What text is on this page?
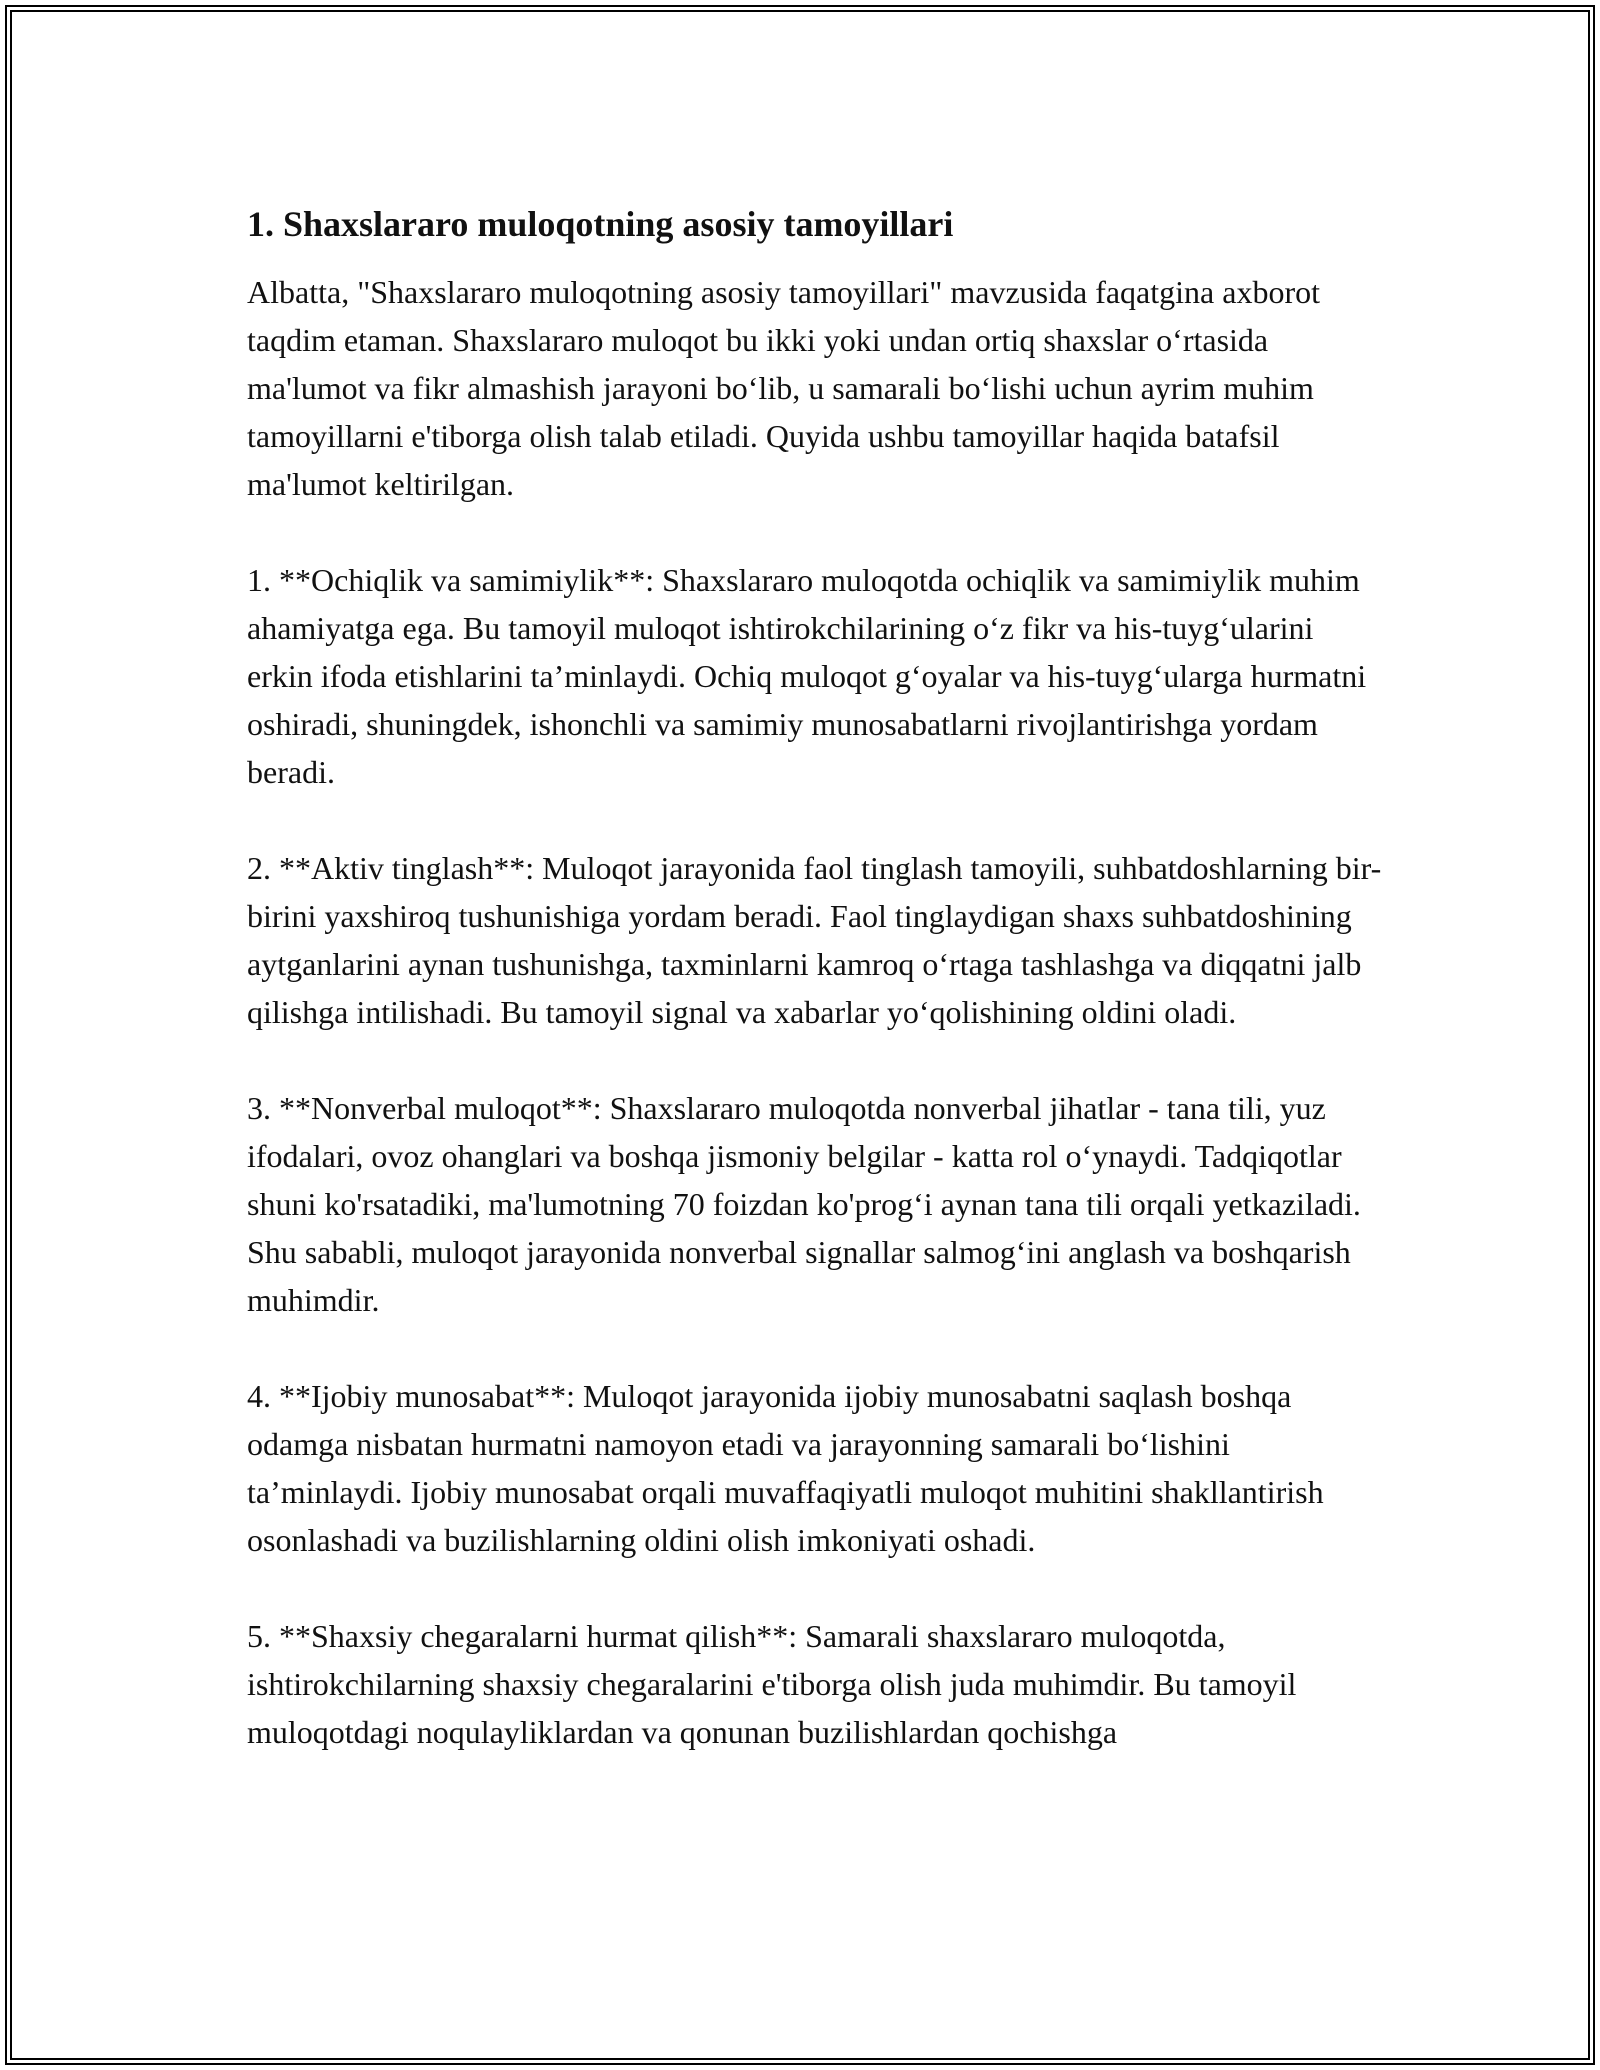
1. Shaxslararo muloqotning asosiy tamoyillari

Albatta, "Shaxslararo muloqotning asosiy tamoyillari" mavzusida faqatgina axborot taqdim etaman. Shaxslararo muloqot bu ikki yoki undan ortiq shaxslar o‘rtasida ma'lumot va fikr almashish jarayoni bo‘lib, u samarali bo‘lishi uchun ayrim muhim tamoyillarni e'tiborga olish talab etiladi. Quyida ushbu tamoyillar haqida batafsil ma'lumot keltirilgan.

1. **Ochiqlik va samimiylik**: Shaxslararo muloqotda ochiqlik va samimiylik muhim ahamiyatga ega. Bu tamoyil muloqot ishtirokchilarining o‘z fikr va his-tuyg‘ularini erkin ifoda etishlarini ta’minlaydi. Ochiq muloqot g‘oyalar va his-tuyg‘ularga hurmatni oshiradi, shuningdek, ishonchli va samimiy munosabatlarni rivojlantirishga yordam beradi.

2. **Aktiv tinglash**: Muloqot jarayonida faol tinglash tamoyili, suhbatdoshlarning bir-birini yaxshiroq tushunishiga yordam beradi. Faol tinglaydigan shaxs suhbatdoshining aytganlarini aynan tushunishga, taxminlarni kamroq o‘rtaga tashlashga va diqqatni jalb qilishga intilishadi. Bu tamoyil signal va xabarlar yo‘qolishining oldini oladi.

3. **Nonverbal muloqot**: Shaxslararo muloqotda nonverbal jihatlar - tana tili, yuz ifodalari, ovoz ohanglari va boshqa jismoniy belgilar - katta rol o‘ynaydi. Tadqiqotlar shuni ko'rsatadiki, ma'lumotning 70 foizdan ko'prog‘i aynan tana tili orqali yetkaziladi. Shu sababli, muloqot jarayonida nonverbal signallar salmog‘ini anglash va boshqarish muhimdir.

4. **Ijobiy munosabat**: Muloqot jarayonida ijobiy munosabatni saqlash boshqa odamga nisbatan hurmatni namoyon etadi va jarayonning samarali bo‘lishini ta’minlaydi. Ijobiy munosabat orqali muvaffaqiyatli muloqot muhitini shakllantirish osonlashadi va buzilishlarning oldini olish imkoniyati oshadi.

5. **Shaxsiy chegaralarni hurmat qilish**: Samarali shaxslararo muloqotda, ishtirokchilarning shaxsiy chegaralarini e'tiborga olish juda muhimdir. Bu tamoyil muloqotdagi noqulayliklardan va qonunan buzilishlardan qochishga
